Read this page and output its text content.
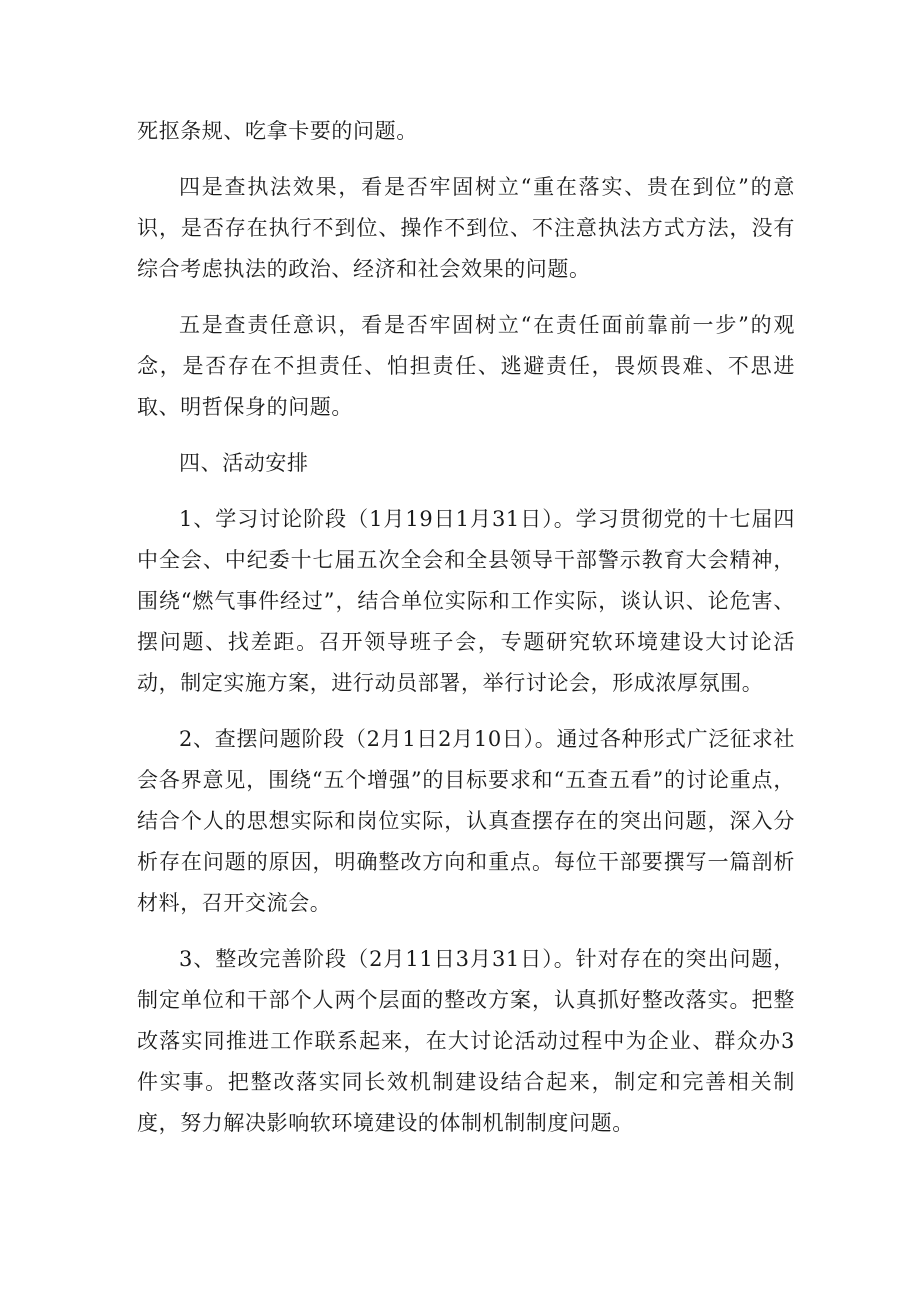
死抠条规、吃拿卡要的问题。

四是查执法效果，看是否牢固树立“重在落实、贵在到位”的意识，是否存在执行不到位、操作不到位、不注意执法方式方法，没有综合考虑执法的政治、经济和社会效果的问题。

五是查责任意识，看是否牢固树立“在责任面前靠前一步”的观念，是否存在不担责任、怕担责任、逃避责任，畏烦畏难、不思进取、明哲保身的问题。

四、活动安排

1、学习讨论阶段（1月19日1月31日）。学习贯彻党的十七届四中全会、中纪委十七届五次全会和全县领导干部警示教育大会精神，围绕“燃气事件经过”，结合单位实际和工作实际，谈认识、论危害、摆问题、找差距。召开领导班子会，专题研究软环境建设大讨论活动，制定实施方案，进行动员部署，举行讨论会，形成浓厚氛围。

2、查摆问题阶段（2月1日2月10日）。通过各种形式广泛征求社会各界意见，围绕“五个增强”的目标要求和“五查五看”的讨论重点，结合个人的思想实际和岗位实际，认真查摆存在的突出问题，深入分析存在问题的原因，明确整改方向和重点。每位干部要撰写一篇剖析材料，召开交流会。

3、整改完善阶段（2月11日3月31日）。针对存在的突出问题，制定单位和干部个人两个层面的整改方案，认真抓好整改落实。把整改落实同推进工作联系起来，在大讨论活动过程中为企业、群众办3件实事。把整改落实同长效机制建设结合起来，制定和完善相关制度，努力解决影响软环境建设的体制机制制度问题。
